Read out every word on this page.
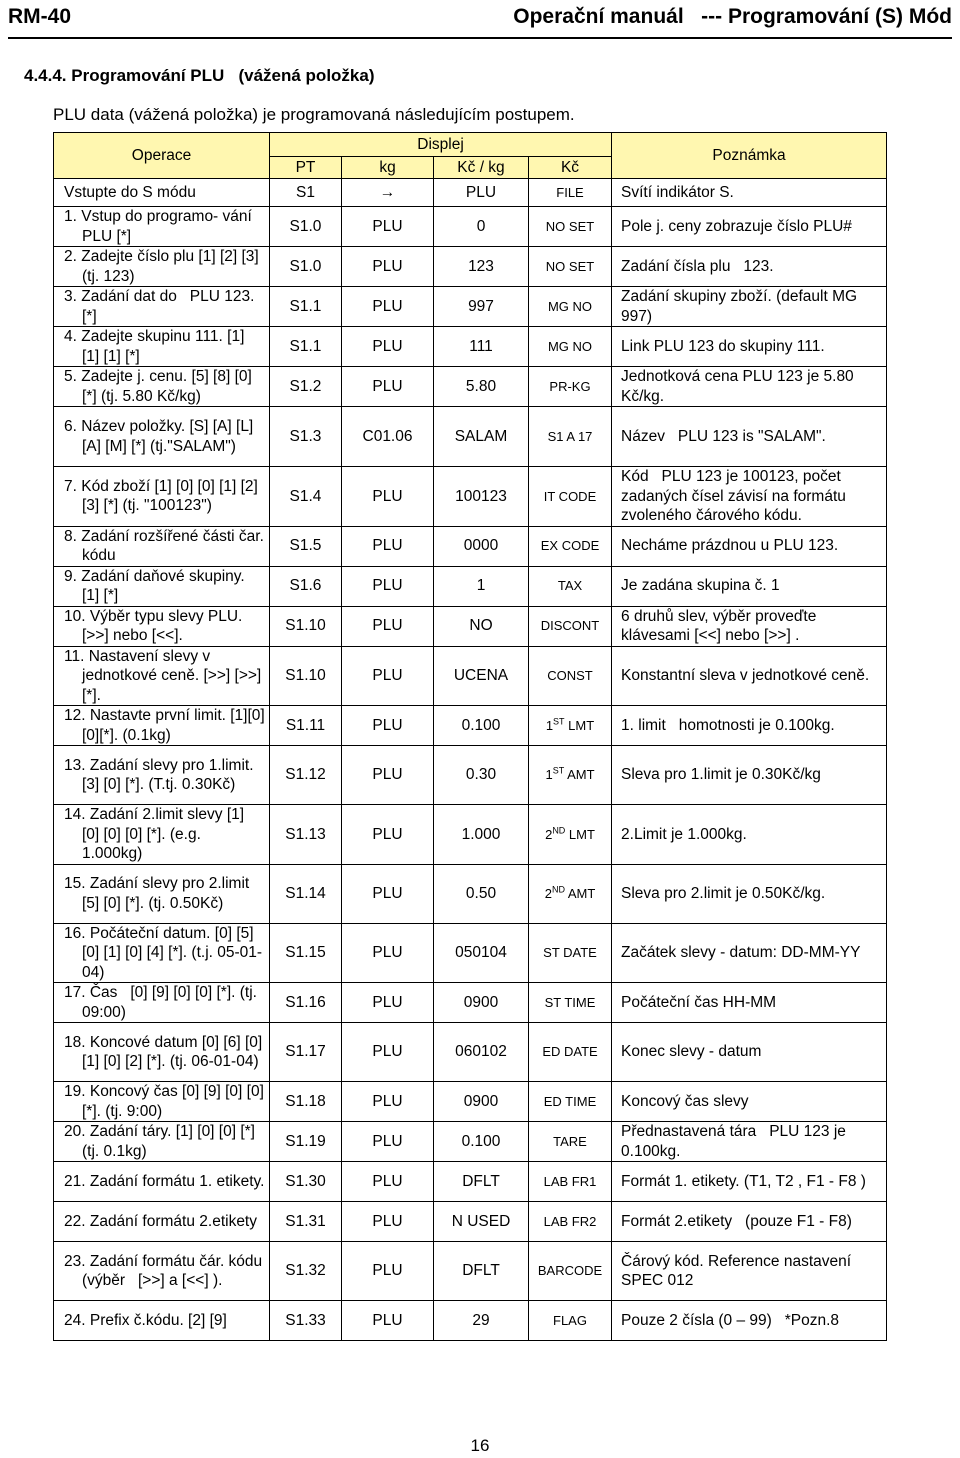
RM-40	Operační manuál   --- Programování (S) Mód
4.4.4. Programování PLU   (vážená položka)
PLU data (vážená položka) je programovaná následujícím postupem.
Operace	Displej				Poznámka
	PT	kg	Kč / kg	Kč	

Vstupte do S módu	S1	→	PLU	FILE	Svítí indikátor S.

1. Vstup do programo- vání   PLU [*]	S1.0	PLU	0	NO SET	Pole j. ceny zobrazuje číslo PLU#

2. Zadejte číslo plu [1] [2] [3] (tj. 123)	S1.0	PLU	123	NO SET	Zadání čísla plu   123.

3. Zadání dat do   PLU 123.   [*]	S1.1	PLU	997	MG NO	Zadání skupiny zboží. (default MG 997)

4. Zadejte skupinu 111. [1] [1] [1] [*]	S1.1	PLU	111	MG NO	Link PLU 123 do skupiny 111.

5. Zadejte j. cenu. [5] [8] [0] [*] (tj. 5.80 Kč/kg)	S1.2	PLU	5.80	PR-KG	Jednotková cena PLU 123 je 5.80 Kč/kg.

6. Název položky. [S] [A] [L] [A] [M] [*] (tj."SALAM")	S1.3	C01.06	SALAM	S1 A 17	Název   PLU 123 is "SALAM".

7. Kód zboží [1] [0] [0] [1] [2] [3] [*] (tj. "100123")	S1.4	PLU	100123	IT CODE	Kód   PLU 123 je 100123, počet zadaných čísel závisí na formátu zvoleného čárového kódu.

8. Zadání rozšířené části čar. kódu	S1.5	PLU	0000	EX CODE	Necháme prázdnou u PLU 123.

9. Zadání daňové skupiny. [1] [*]	S1.6	PLU	1	TAX	Je zadána skupina č. 1

10. Výběr typu slevy PLU. [>>] nebo [<<].	S1.10	PLU	NO	DISCONT	6 druhů slev, výběr proveďte klávesami [<<] nebo [>>] .

11. Nastavení slevy v jednotkové ceně. [>>] [>>] [*].	S1.10	PLU	UCENA	CONST	Konstantní sleva v jednotkové ceně.

12. Nastavte první limit. [1][0][0][*]. (0.1kg)	S1.11	PLU	0.100	1ST LMT	1. limit   homotnosti je 0.100kg.

13. Zadání slevy pro 1.limit. [3] [0] [*]. (T.tj. 0.30Kč)	S1.12	PLU	0.30	1ST AMT	Sleva pro 1.limit je 0.30Kč/kg

14. Zadání 2.limit slevy [1] [0] [0] [0] [*]. (e.g. 1.000kg)	S1.13	PLU	1.000	2ND LMT	2.Limit je 1.000kg.

15. Zadání slevy pro 2.limit [5] [0] [*]. (tj. 0.50Kč)	S1.14	PLU	0.50	2ND AMT	Sleva pro 2.limit je 0.50Kč/kg.

16. Počáteční datum. [0] [5] [0] [1] [0] [4] [*]. (t.j. 05-01-04)	S1.15	PLU	050104	ST DATE	Začátek slevy - datum: DD-MM-YY

17. Čas   [0] [9] [0] [0] [*]. (tj. 09:00)	S1.16	PLU	0900	ST TIME	Počáteční čas HH-MM

18. Koncové datum [0] [6] [0] [1] [0] [2] [*]. (tj. 06-01-04)	S1.17	PLU	060102	ED DATE	Konec slevy - datum

19. Koncový čas [0] [9] [0] [0] [*]. (tj. 9:00)	S1.18	PLU	0900	ED TIME	Koncový čas slevy

20. Zadání táry. [1] [0] [0] [*] (tj. 0.1kg)	S1.19	PLU	0.100	TARE	Přednastavená tára   PLU 123 je 0.100kg.

21. Zadání formátu 1. etikety.	S1.30	PLU	DFLT	LAB FR1	Formát 1. etikety. (T1, T2 , F1 - F8 )

22. Zadání formátu 2.etikety	S1.31	PLU	N USED	LAB FR2	Formát 2.etikety   (pouze F1 - F8)

23. Zadání formátu čár. kódu (výběr   [>>] a [<<] ).	S1.32	PLU	DFLT	BARCODE	Čárový kód. Reference nastavení SPEC 012

24. Prefix č.kódu. [2] [9]	S1.33	PLU	29	FLAG	Pouze 2 čísla (0 – 99)   *Pozn.8
16
